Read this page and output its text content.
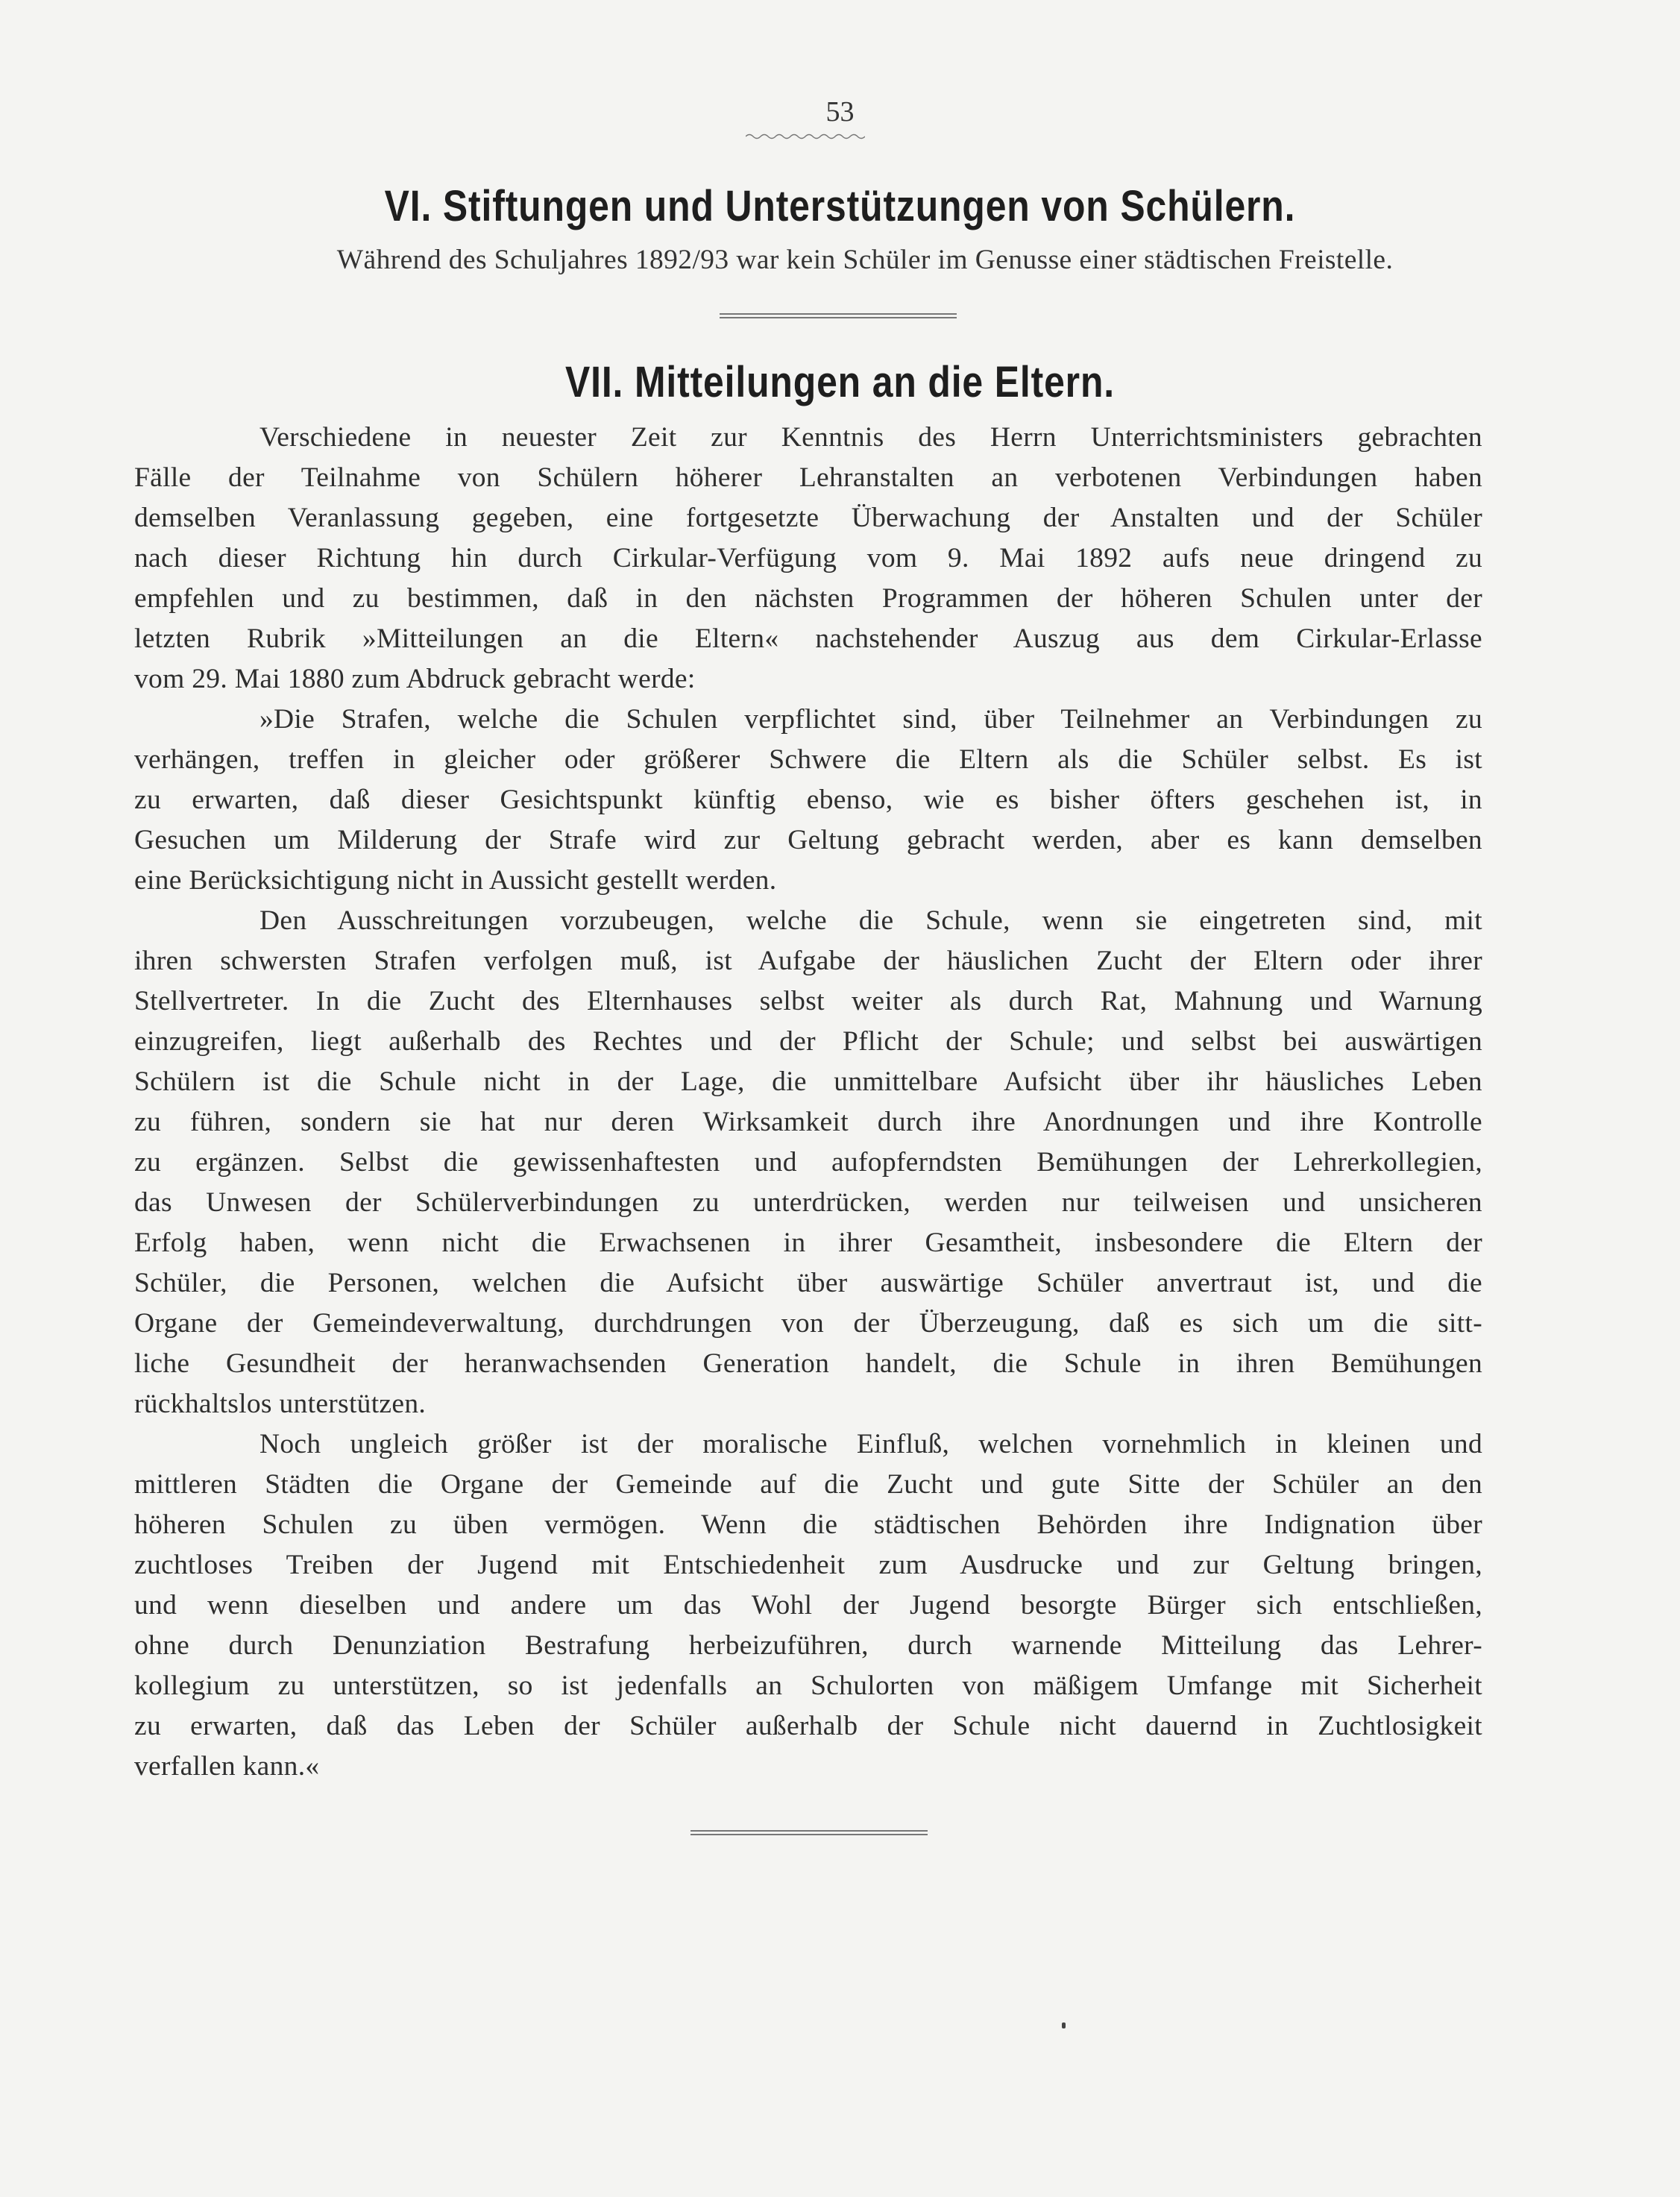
53
VI. Stiftungen und Unterstützungen von Schülern.
Während des Schuljahres 1892/93 war kein Schüler im Genusse einer städtischen Freistelle.
VII. Mitteilungen an die Eltern.
Verschiedene in neuester Zeit zur Kenntnis des Herrn Unterrichtsministers gebrachten
Fälle der Teilnahme von Schülern höherer Lehranstalten an verbotenen Verbindungen haben
demselben Veranlassung gegeben, eine fortgesetzte Überwachung der Anstalten und der Schüler
nach dieser Richtung hin durch Cirkular-Verfügung vom 9. Mai 1892 aufs neue dringend zu
empfehlen und zu bestimmen, daß in den nächsten Programmen der höheren Schulen unter der
letzten Rubrik »Mitteilungen an die Eltern« nachstehender Auszug aus dem Cirkular-Erlasse
vom 29. Mai 1880 zum Abdruck gebracht werde:
»Die Strafen, welche die Schulen verpflichtet sind, über Teilnehmer an Verbindungen zu
verhängen, treffen in gleicher oder größerer Schwere die Eltern als die Schüler selbst. Es ist
zu erwarten, daß dieser Gesichtspunkt künftig ebenso, wie es bisher öfters geschehen ist, in
Gesuchen um Milderung der Strafe wird zur Geltung gebracht werden, aber es kann demselben
eine Berücksichtigung nicht in Aussicht gestellt werden.
Den Ausschreitungen vorzubeugen, welche die Schule, wenn sie eingetreten sind, mit
ihren schwersten Strafen verfolgen muß, ist Aufgabe der häuslichen Zucht der Eltern oder ihrer
Stellvertreter. In die Zucht des Elternhauses selbst weiter als durch Rat, Mahnung und Warnung
einzugreifen, liegt außerhalb des Rechtes und der Pflicht der Schule; und selbst bei auswärtigen
Schülern ist die Schule nicht in der Lage, die unmittelbare Aufsicht über ihr häusliches Leben
zu führen, sondern sie hat nur deren Wirksamkeit durch ihre Anordnungen und ihre Kontrolle
zu ergänzen. Selbst die gewissenhaftesten und aufopferndsten Bemühungen der Lehrerkollegien,
das Unwesen der Schülerverbindungen zu unterdrücken, werden nur teilweisen und unsicheren
Erfolg haben, wenn nicht die Erwachsenen in ihrer Gesamtheit, insbesondere die Eltern der
Schüler, die Personen, welchen die Aufsicht über auswärtige Schüler anvertraut ist, und die
Organe der Gemeindeverwaltung, durchdrungen von der Überzeugung, daß es sich um die sitt-
liche Gesundheit der heranwachsenden Generation handelt, die Schule in ihren Bemühungen
rückhaltslos unterstützen.
Noch ungleich größer ist der moralische Einfluß, welchen vornehmlich in kleinen und
mittleren Städten die Organe der Gemeinde auf die Zucht und gute Sitte der Schüler an den
höheren Schulen zu üben vermögen. Wenn die städtischen Behörden ihre Indignation über
zuchtloses Treiben der Jugend mit Entschiedenheit zum Ausdrucke und zur Geltung bringen,
und wenn dieselben und andere um das Wohl der Jugend besorgte Bürger sich entschließen,
ohne durch Denunziation Bestrafung herbeizuführen, durch warnende Mitteilung das Lehrer-
kollegium zu unterstützen, so ist jedenfalls an Schulorten von mäßigem Umfange mit Sicherheit
zu erwarten, daß das Leben der Schüler außerhalb der Schule nicht dauernd in Zuchtlosigkeit
verfallen kann.«
